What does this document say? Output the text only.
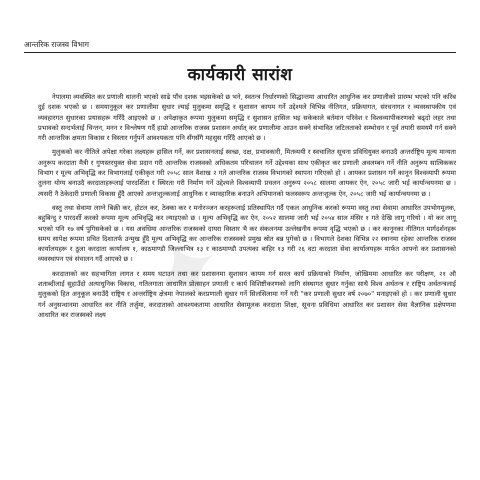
आन्तरिक राजस्व विभाग
कार्यकारी सारांश
✦

नेपालमा व्यवस्थित कर प्रणाली थालनी भएको साढे पाँच दशक भइसकेको छ भने, स्वतन्त्र निर्धारणको सिद्धान्तमा आधारित आधुनिक कर प्रणालीको प्रारम्भ भएको पनि करिब दुई दशक भएको छ । समयानुकूल कर प्रणालीमा सुधार ल्याई मुलुकमा समृद्धि र सुशासन कायम गर्ने उद्देश्यले विभिन्न नीतिगत, प्रक्रियागत, संरचनागत र व्यवस्थापकीय एवं व्यवहारगत सुधारका प्रयासहरू गरिँदै आइएको छ । अपेक्षाकृत रूपमा मुलुकमा समृद्धि र सुशासन हासिल भइ सकेकाले बर्तमान परिवेश र विश्वव्यापीकरणको बढ्दो लहर तथा प्रभावको सन्दर्भलाई चिन्तन, मनन र विश्लेषण गर्दै हाम्रो आन्तरिक राजस्व प्रशासन अर्थात् कर प्रणालीमा आउन सक्ने संभावित जटिलताको सम्भोधन र पूर्व तयारी समयमै गर्न सक्ने गरी आन्तरिक क्षमता विकास र विस्तार गर्नुपर्ने आवश्यकता पनि सँगसँगै महसुस गरिँदै आएको छ ।

मुलुकको कर नीतिले अपेक्षा गरेका लक्ष्यहरू हासिल गर्ने, कर प्रशासनलाई स्वच्छ, दक्ष, प्रभावकारी, मितव्ययी र स्वचालित सूचना प्रविधियुक्त बनाउदै अन्तर्राष्ट्रिय मूल्य मान्यता अनुरूप करदाता मैत्री र गुणस्तरयुक्त सेवा प्रदान गरी आन्तरिक राजस्वको अधिकतम परिचालन गर्ने उद्देश्यका साथ एकीकृत कर प्रणाली अवलम्बन गर्ने नीति अनुरूप सात्विककर विभाग र मूल्य अभिवृद्धि कर विभागलाई एकीकृत गरी २०५८ साल वैशाख २ गते आन्तरिक राजस्व विभागको स्थापना गरिएको हो । आयकर प्रशासन गर्ने कानून विश्वव्यापी रूपमा तुलना योग्य बनाउदै करदाताहरूलाई पारदर्शिता र स्थिरता गरी निर्माण गर्ने उद्देश्यले विश्वव्यापी प्रचलन अनुरूप २०५८ सालमा आयकर ऐन, २०५८ जारी भई कार्यान्वयनमा छ । त्यसरी नै ठेकेदारी प्रणाली विकास हुँदै आएको अन्तःशुल्कलाई आधुनिक र व्यावहारिक बनाउने अभियानको फलस्वरूप अन्तःशुल्क ऐन, २०५८ जारी भई कार्यान्वयनमा छ ।

वस्तु तथा सेवामा लाग्ने बिक्री कर, होटल कर, ठेक्का कर र मनोरञ्जन करहरूलाई प्रतिस्थापित गर्दै एकल आधुनिक करको रूपमा वस्तु तथा सेवामा आधारित उपभोगमूलक, बहुबिन्दु र पारदर्शी करको रूपमा मूल्य अभिवृद्धि कर ल्याइएको छ । मूल्य अभिवृद्धि कर ऐन, २०५२ सालमा जारी भई २०५४ साल मंसिर १ गते देखि लागू गरियो । यो कर लागू भएको पनि १७ वर्ष पुगिसकेको छ । यस अवधिमा आन्तरिक राजस्वको दायरा विस्तार भै कर संकलनमा उल्लेखनीय रूपमा वृद्धि भएको छ । कर कानूनका नीतिगत मार्गदर्शनहरू समय सापेक्ष रूपमा प्रचित दिशातर्फ उन्मुख हुँदै मूल्य अभिवृद्धि कर आन्तरिक राजस्वको प्रमुख स्रोत बन्न पुगेको छ । विभागले देशका विभिन्न २२ स्थानमा रहेका आन्तरिक राजस्व कार्यालयहरू र ठूला करदाता कार्यालय १, काठमाण्डौ जिल्लाभित्र १३ र काठमाण्डौ उपत्यका बाहिर १३ गरी २६ वटा करदाता सेवा कार्यालयहरू मार्फत आफ्नो कर प्रशासनको व्यवस्थापन एवं संचालन गर्दै आएको छ ।

करदाताको कर सहभागिता लागत र समय घटाउन तथा कर प्रशासनमा सुशासन कायम गर्न सरल कार्य प्रक्रियाको निर्माण, जोखिममा आधारित कर परीक्षण, २१ औ शताब्दीलाई सुहाउँदो अत्याधुनिक विकास, गतिलगाता आधारित प्रोत्साहन प्रणाली र कार्य विशिष्टीकरणको लागि संस्थागत सुधार गर्नुका साथै विश्व अर्थतन्त्र र राष्ट्रिय अर्थतन्त्रलाई मुलुकको हित अनुकूल बनाउँदै राष्ट्रिय र अन्तर्राष्ट्रिय क्षेत्रमा नेपालको करप्रणाली सुधार गर्ने सिलसिलामा गर्ने गरी "कर प्रणाली सुधार वर्ष २०७०" मनाइएको हो । कर प्रणाली सुधार गर्न अनुसन्धानमा आधारित कर नीति तर्जुमा, करदाताको आवश्यकतामा आधारित सेवामूलक करदाता शिक्षा, सूचना प्रविधिमा आधारित कर प्रशासन सेवा वैज्ञानिक प्रक्षेपणमा आधारित कर राजस्वको लक्ष्य
